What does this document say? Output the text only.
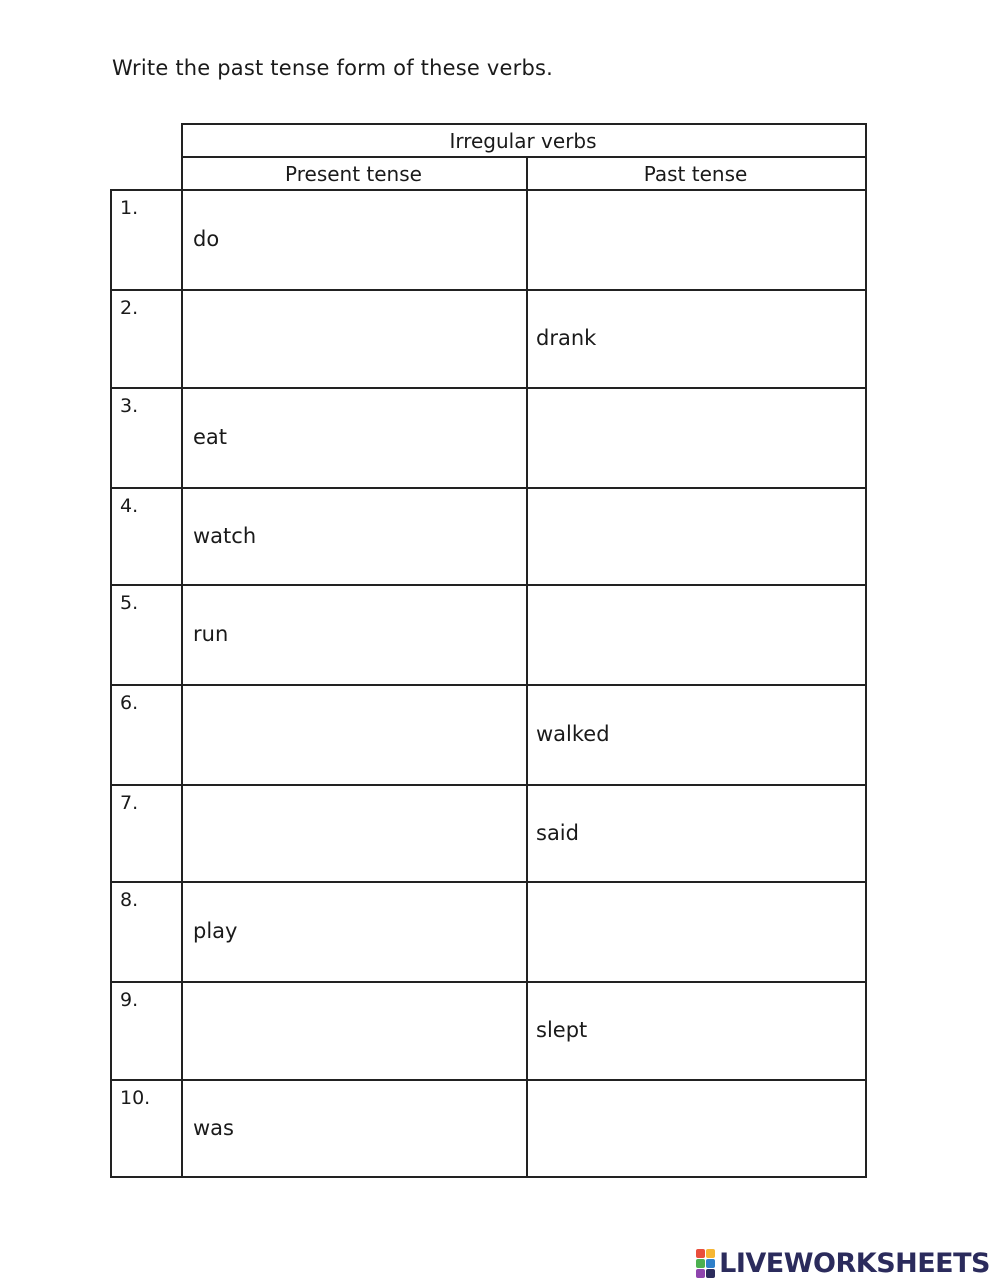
Write the past tense form of these verbs.
Irregular verbs
Present tense	Past tense
1.
do
2.
drank
3.
eat
4.
watch
5.
run
6.
walked
7.
said
8.
play
9.
slept
10.
was
LIVEWORKSHEETS
